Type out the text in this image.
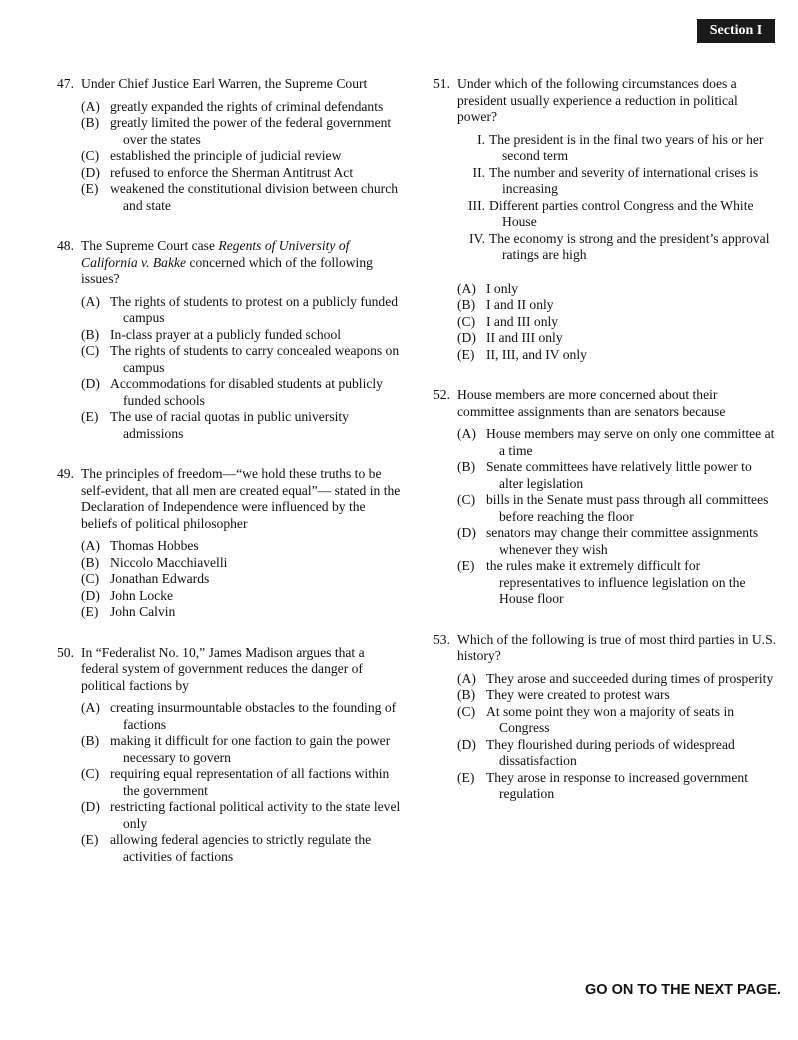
Section I
47. Under Chief Justice Earl Warren, the Supreme Court
(A) greatly expanded the rights of criminal defendants
(B) greatly limited the power of the federal government over the states
(C) established the principle of judicial review
(D) refused to enforce the Sherman Antitrust Act
(E) weakened the constitutional division between church and state
48. The Supreme Court case Regents of University of California v. Bakke concerned which of the following issues?
(A) The rights of students to protest on a publicly funded campus
(B) In-class prayer at a publicly funded school
(C) The rights of students to carry concealed weapons on campus
(D) Accommodations for disabled students at publicly funded schools
(E) The use of racial quotas in public university admissions
49. The principles of freedom—“we hold these truths to be self-evident, that all men are created equal”— stated in the Declaration of Independence were influenced by the beliefs of political philosopher
(A) Thomas Hobbes
(B) Niccolo Macchiavelli
(C) Jonathan Edwards
(D) John Locke
(E) John Calvin
50. In “Federalist No. 10,” James Madison argues that a federal system of government reduces the danger of political factions by
(A) creating insurmountable obstacles to the founding of factions
(B) making it difficult for one faction to gain the power necessary to govern
(C) requiring equal representation of all factions within the government
(D) restricting factional political activity to the state level only
(E) allowing federal agencies to strictly regulate the activities of factions
51. Under which of the following circumstances does a president usually experience a reduction in political power?
I. The president is in the final two years of his or her second term
II. The number and severity of international crises is increasing
III. Different parties control Congress and the White House
IV. The economy is strong and the president’s approval ratings are high
(A) I only
(B) I and II only
(C) I and III only
(D) II and III only
(E) II, III, and IV only
52. House members are more concerned about their committee assignments than are senators because
(A) House members may serve on only one committee at a time
(B) Senate committees have relatively little power to alter legislation
(C) bills in the Senate must pass through all committees before reaching the floor
(D) senators may change their committee assignments whenever they wish
(E) the rules make it extremely difficult for representatives to influence legislation on the House floor
53. Which of the following is true of most third parties in U.S. history?
(A) They arose and succeeded during times of prosperity
(B) They were created to protest wars
(C) At some point they won a majority of seats in Congress
(D) They flourished during periods of widespread dissatisfaction
(E) They arose in response to increased government regulation
GO ON TO THE NEXT PAGE.
